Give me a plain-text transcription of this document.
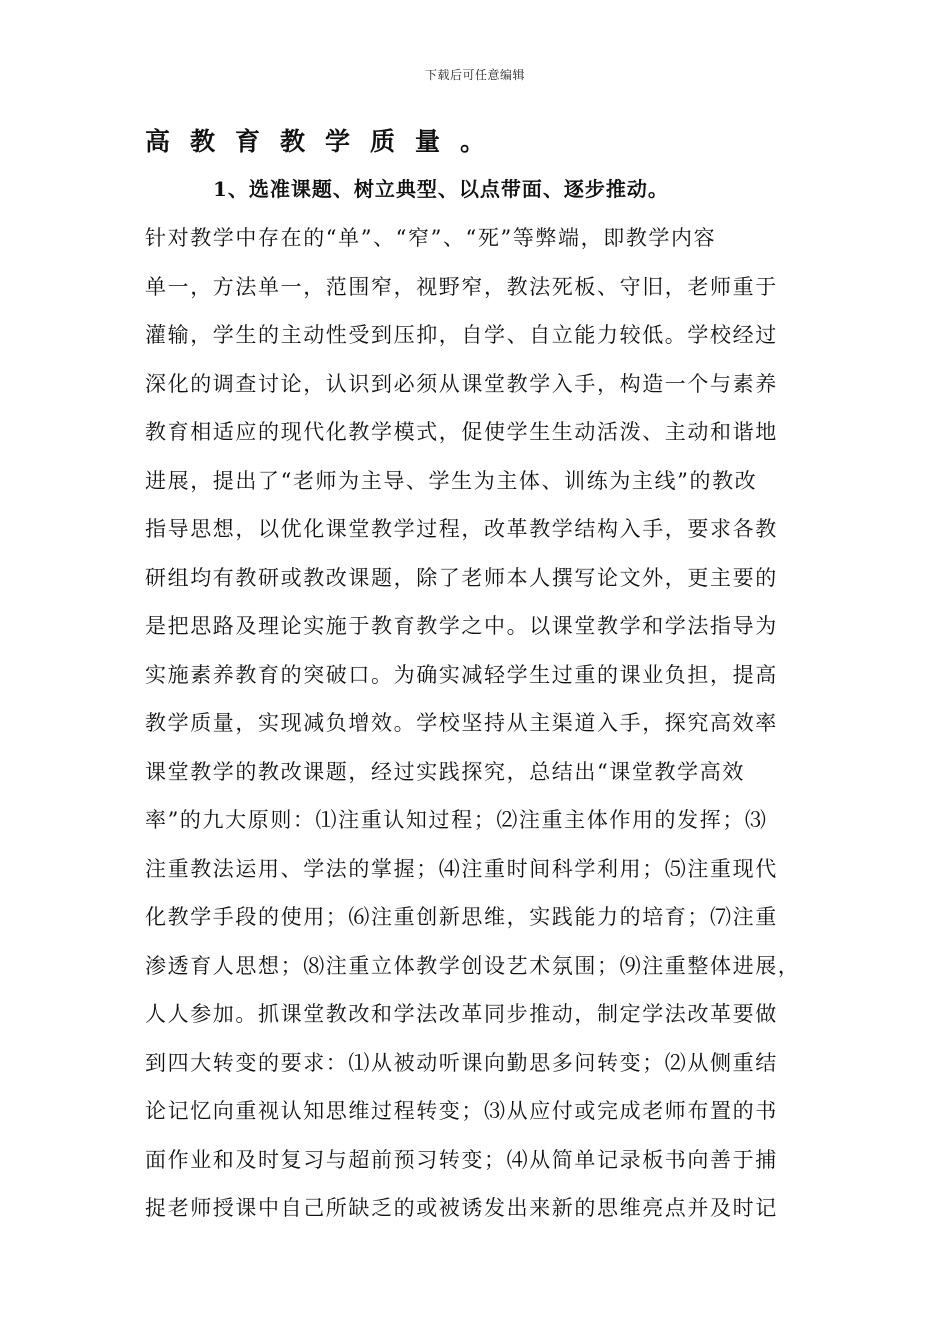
下载后可任意编辑
高教育教学质量。
1、选准课题、树立典型、以点带面、逐步推动。
针对教学中存在的“单”、“窄”、“死”等弊端，即教学内容
单一，方法单一，范围窄，视野窄，教法死板、守旧，老师重于
灌输，学生的主动性受到压抑，自学、自立能力较低。学校经过
深化的调查讨论，认识到必须从课堂教学入手，构造一个与素养
教育相适应的现代化教学模式，促使学生生动活泼、主动和谐地
进展，提出了“老师为主导、学生为主体、训练为主线”的教改
指导思想，以优化课堂教学过程，改革教学结构入手，要求各教
研组均有教研或教改课题，除了老师本人撰写论文外，更主要的
是把思路及理论实施于教育教学之中。以课堂教学和学法指导为
实施素养教育的突破口。为确实减轻学生过重的课业负担，提高
教学质量，实现减负增效。学校坚持从主渠道入手，探究高效率
课堂教学的教改课题，经过实践探究，总结出“课堂教学高效
率”的九大原则：⑴注重认知过程；⑵注重主体作用的发挥；⑶
注重教法运用、学法的掌握；⑷注重时间科学利用；⑸注重现代
化教学手段的使用；⑹注重创新思维，实践能力的培育；⑺注重
渗透育人思想；⑻注重立体教学创设艺术氛围；⑼注重整体进展，
人人参加。抓课堂教改和学法改革同步推动，制定学法改革要做
到四大转变的要求：⑴从被动听课向勤思多问转变；⑵从侧重结
论记忆向重视认知思维过程转变；⑶从应付或完成老师布置的书
面作业和及时复习与超前预习转变；⑷从简单记录板书向善于捕
捉老师授课中自己所缺乏的或被诱发出来新的思维亮点并及时记
